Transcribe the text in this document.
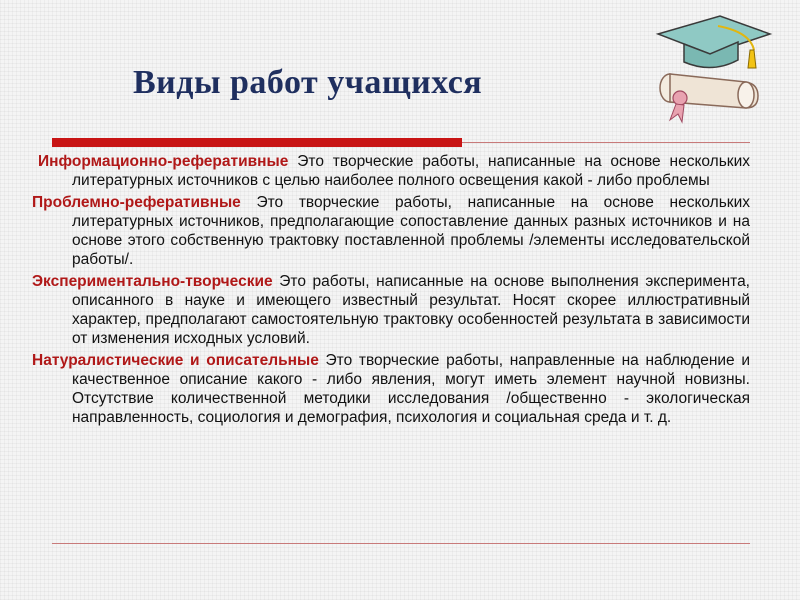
Виды работ учащихся

Информационно-реферативные Это творческие работы, написанные на основе нескольких литературных источников с целью наиболее полного освещения какой - либо проблемы

Проблемно-реферативные Это творческие работы, написанные на основе нескольких литературных источников, предполагающие сопоставление данных разных источников и на основе этого собственную трактовку поставленной проблемы /элементы исследовательской работы/.

Экспериментально-творческие Это работы, написанные на основе выполнения эксперимента, описанного в науке и имеющего известный результат. Носят скорее иллюстративный характер, предполагают самостоятельную трактовку особенностей результата в зависимости от изменения исходных условий.

Натуралистические и описательные Это творческие работы, направленные на наблюдение и качественное описание какого - либо явления, могут иметь элемент научной новизны. Отсутствие количественной методики исследования /общественно - экологическая направленность, социология и демография, психология и социальная среда и т. д.
